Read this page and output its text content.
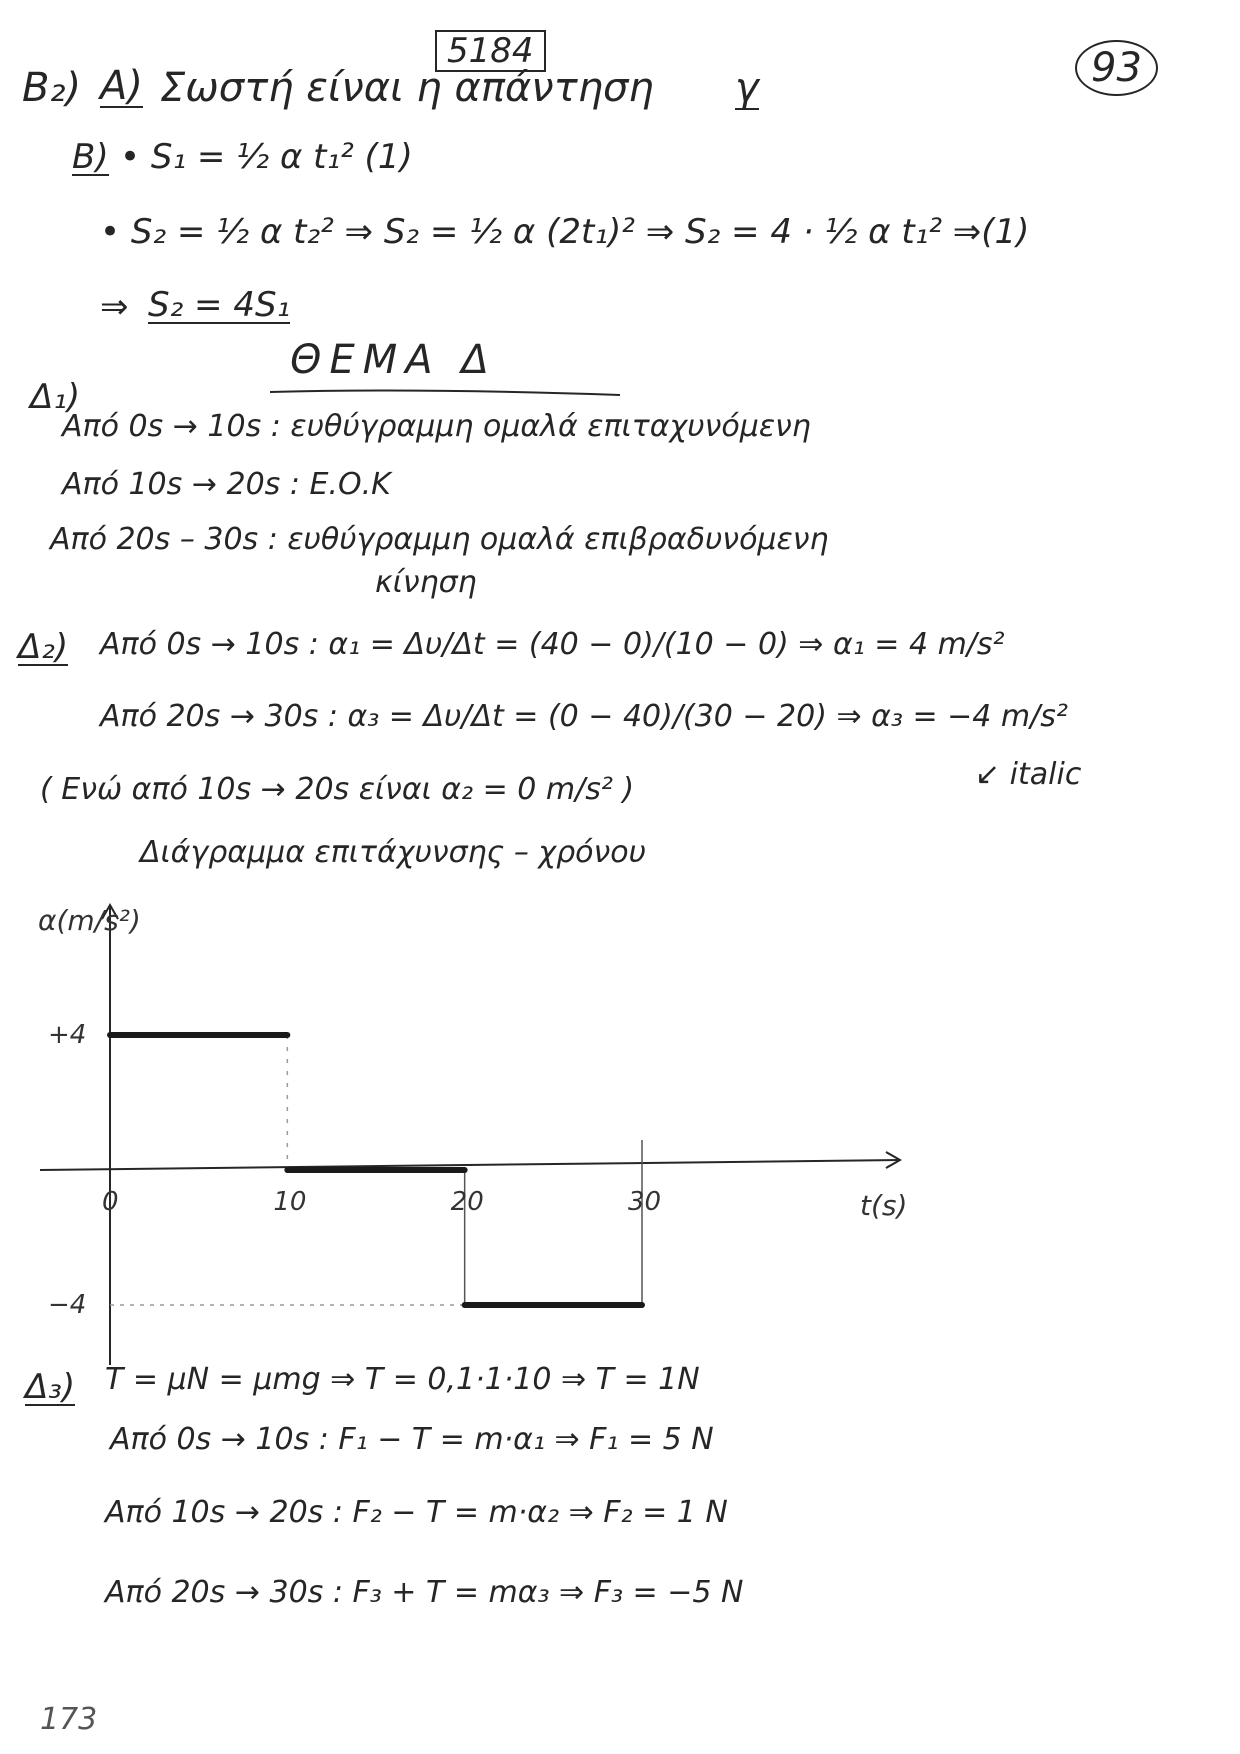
5184	93
B₂) A) Σωστή είναι η απάντηση γ
B) • S₁ = ½ α t₁² (1)
• S₂ = ½ α t₂² ⇒ S₂ = ½ α (2t₁)² ⇒ S₂ = 4 · ½ α t₁² ⇒(1)
⇒ S₂ = 4S₁
ΘΕΜΑ Δ
Δ₁)
Από 0s → 10s : ευθύγραμμη ομαλά επιταχυνόμενη
Από 10s → 20s : Ε.Ο.Κ
Από 20s – 30s : ευθύγραμμη ομαλά επιβραδυνόμενη
κίνηση
Δ₂) Από 0s → 10s : α₁ = Δυ/Δt = (40 − 0)/(10 − 0) ⇒ α₁ = 4 m/s²
Από 20s → 30s : α₃ = Δυ/Δt = (0 − 40)/(30 − 20) ⇒ α₃ = −4 m/s²
( Ενώ από 10s → 20s είναι α₂ = 0 m/s² )	↙ italic
Διάγραμμα επιτάχυνσης – χρόνου
0	10	20	30
+4
−4
t(s)
α(m/s²)
Δ₃) T = μN = μmg ⇒ T = 0,1·1·10 ⇒ T = 1N
Από 0s → 10s : F₁ − T = m·α₁ ⇒ F₁ = 5 N
Από 10s → 20s : F₂ − T = m·α₂ ⇒ F₂ = 1 N
Από 20s → 30s : F₃ + T = mα₃ ⇒ F₃ = −5 N
173
